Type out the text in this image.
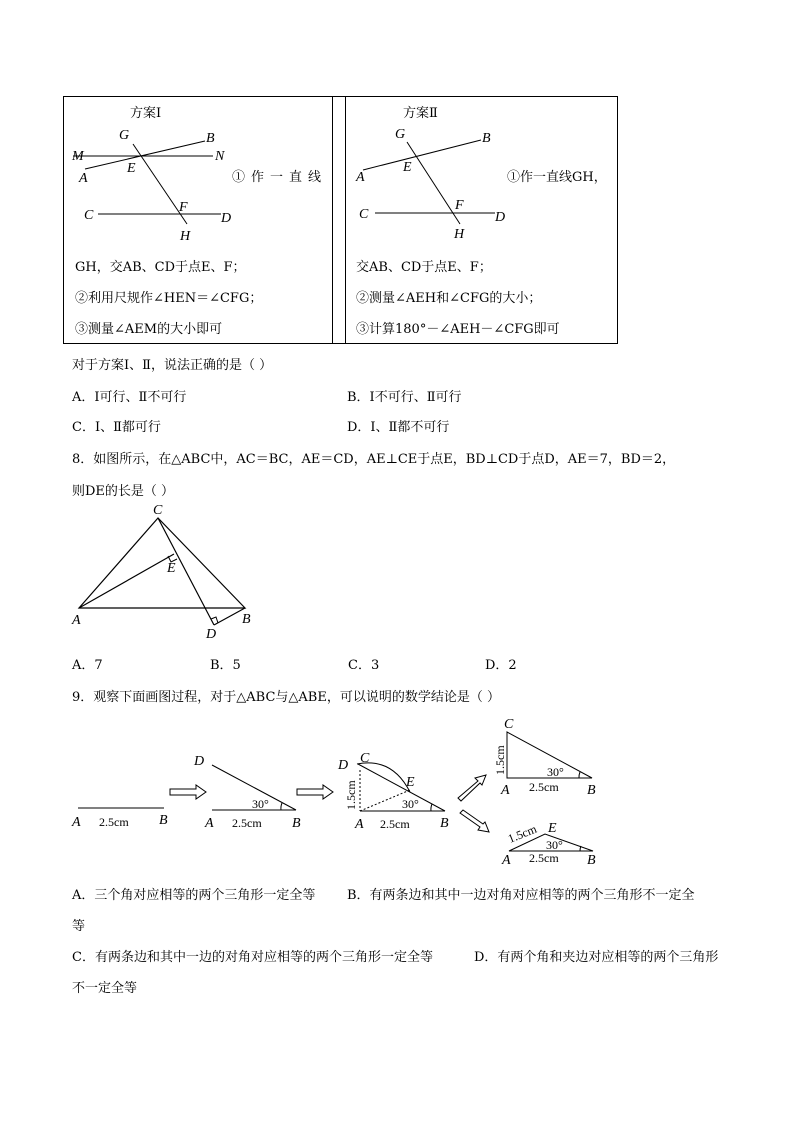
方案Ⅰ
G	B
M	N
A
E
C
F
D
H
①作一直线
GH，交AB、CD于点E、F；
②利用尺规作∠HEN＝∠CFG；
③测量∠AEM的大小即可
方案Ⅱ
G	B
A
E
C
F
D
H
①作一直线GH，
交AB、CD于点E、F；
②测量∠AEH和∠CFG的大小；
③计算180°－∠AEH－∠CFG即可
对于方案Ⅰ、Ⅱ，说法正确的是（ ）
A．Ⅰ可行、Ⅱ不可行	B．Ⅰ不可行、Ⅱ可行
C．Ⅰ、Ⅱ都可行	D．Ⅰ、Ⅱ都不可行
8．如图所示，在△ABC中，AC＝BC，AE＝CD，AE⊥CE于点E，BD⊥CD于点D，AE＝7，BD＝2，
则DE的长是（ ）
C
E
A	B
D
A．7	B．5	C．3	D．2
9．观察下面画图过程，对于△ABC与△ABE，可以说明的数学结论是（ ）
A	B
2.5cm
D
A	B
2.5cm
30°
D C
E
A	B
2.5cm
30°
1.5cm
C
A	B
2.5cm
30°
1.5cm
E
A	B
2.5cm
30°
1.5cm
A．三个角对应相等的两个三角形一定全等 B．有两条边和其中一边对角对应相等的两个三角形不一定全
等
C．有两条边和其中一边的对角对应相等的两个三角形一定全等	D．有两个角和夹边对应相等的两个三角形
不一定全等
